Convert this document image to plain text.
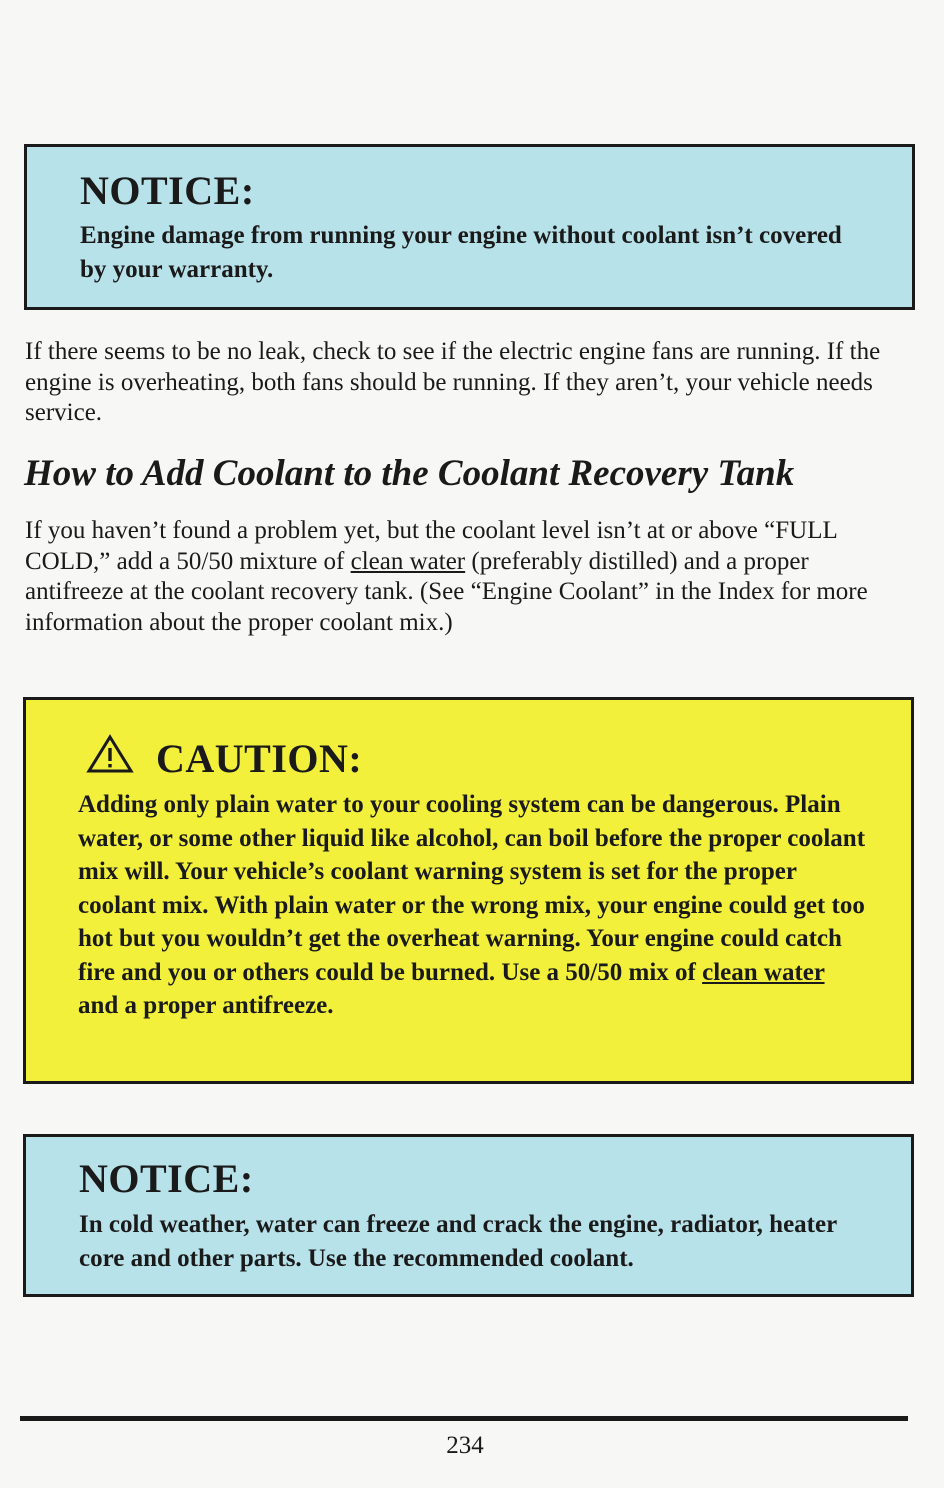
NOTICE:
Engine damage from running your engine without coolant isn’t covered by your warranty.
If there seems to be no leak, check to see if the electric engine fans are running. If the engine is overheating, both fans should be running. If they aren’t, your vehicle needs service.
How to Add Coolant to the Coolant Recovery Tank
If you haven’t found a problem yet, but the coolant level isn’t at or above “FULL COLD,” add a 50/50 mixture of clean water (preferably distilled) and a proper antifreeze at the coolant recovery tank. (See “Engine Coolant” in the Index for more information about the proper coolant mix.)
CAUTION:
Adding only plain water to your cooling system can be dangerous. Plain water, or some other liquid like alcohol, can boil before the proper coolant mix will. Your vehicle’s coolant warning system is set for the proper coolant mix. With plain water or the wrong mix, your engine could get too hot but you wouldn’t get the overheat warning. Your engine could catch fire and you or others could be burned. Use a 50/50 mix of clean water and a proper antifreeze.
NOTICE:
In cold weather, water can freeze and crack the engine, radiator, heater core and other parts. Use the recommended coolant.
234
